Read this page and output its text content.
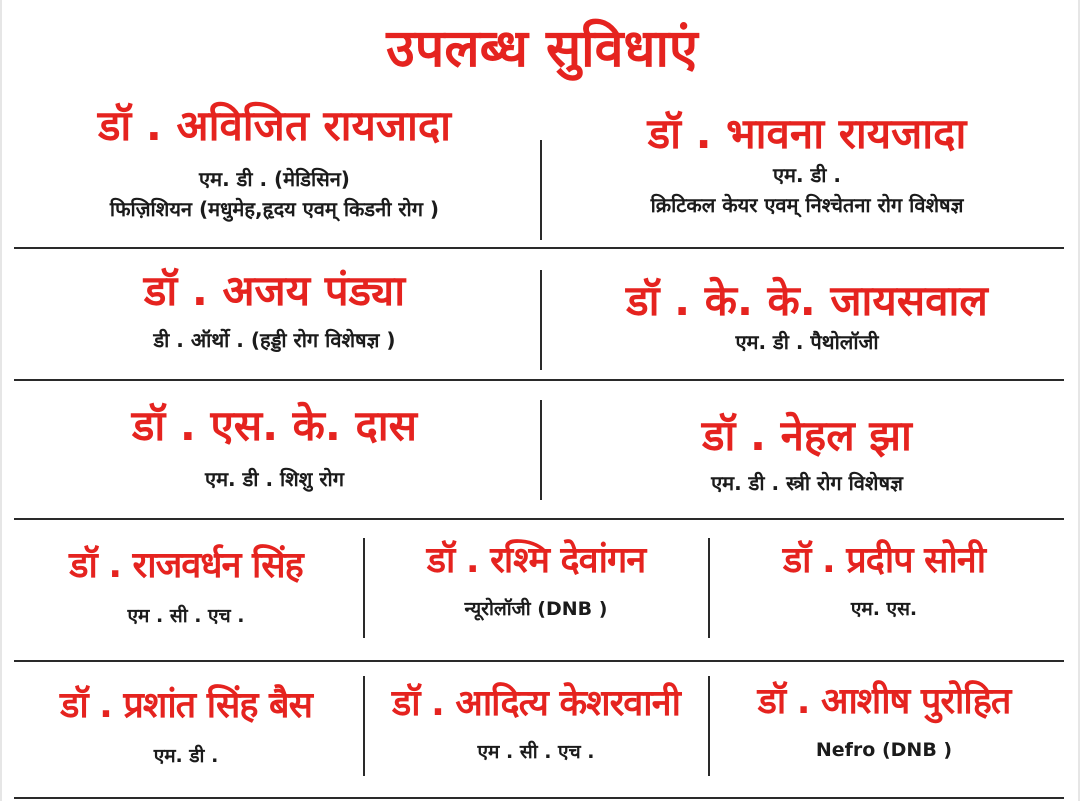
उपलब्ध सुविधाएं
डॉ . अविजित रायजादा
एम. डी . (मेडिसिन)
फिज़िशियन (मधुमेह,हृदय एवम् किडनी रोग )
डॉ . भावना रायजादा
एम. डी .
क्रिटिकल केयर एवम् निश्चेतना रोग विशेषज्ञ
डॉ . अजय पंड्या
डी . ऑर्थो . (हड्डी रोग विशेषज्ञ )
डॉ . के. के. जायसवाल
एम. डी . पैथोलॉजी
डॉ . एस. के. दास
एम. डी . शिशु रोग
डॉ . नेहल झा
एम. डी . स्त्री रोग विशेषज्ञ
डॉ . राजवर्धन सिंह
एम . सी . एच .
डॉ . रश्मि देवांगन
न्यूरोलॉजी (DNB )
डॉ . प्रदीप सोनी
एम. एस.
डॉ . प्रशांत सिंह बैस
एम. डी .
डॉ . आदित्य केशरवानी
एम . सी . एच .
डॉ . आशीष पुरोहित
Nefro (DNB )
